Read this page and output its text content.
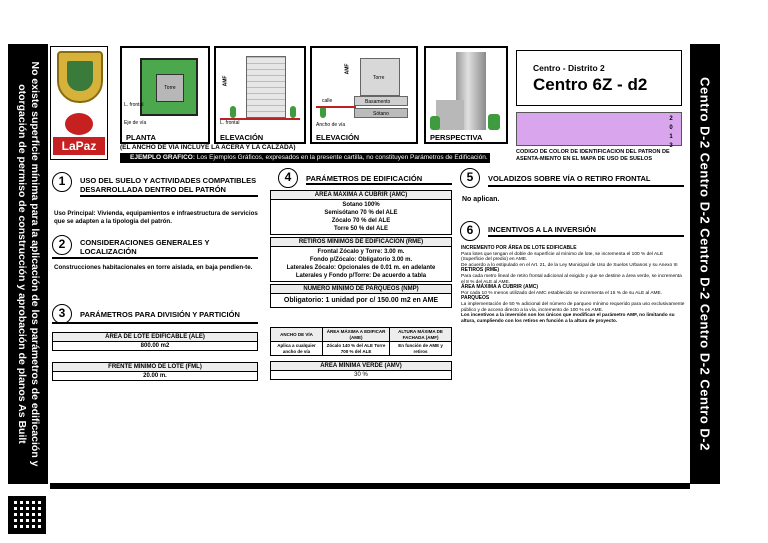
No existe superficie mínima para la aplicación de los parámetros de edificación y otorgación de permiso de construcción y aprobación de planos As Built	Centro D-2 Centro D-2 Centro D-2 Centro D-2 Centro D-2
LaPaz
Torre
L. frontal
Eje de vía
PLANTA
AMF
L. frontal
ELEVACIÓN
Torre
Basamento
Sótano
calle
Ancho de vía
AMF
ELEVACIÓN	PERSPECTIVA
(EL ANCHO DE VIA INCLUYE LA ACERA Y LA CALZADA)
EJEMPLO GRAFICO: Los Ejemplos Gráficos, expresados en la presente cartilla, no constituyen Parámetros de Edificación.
Centro - Distrito 2
Centro 6Z - d2
2
0
1
3
CODIGO DE COLOR DE IDENTIFICACION DEL PATRON DE ASENTA-MIENTO EN EL MAPA DE USO DE SUELOS
1	USO DEL SUELO Y ACTIVIDADES COMPATIBLES DESARROLLADA DENTRO DEL PATRÓN
Uso Principal: Vivienda, equipamientos e infraestructura de servicios que se adapten a la tipología del patrón.
2	CONSIDERACIONES GENERALES Y LOCALIZACIÓN
Construcciones habitacionales en torre aislada, en baja pendien-te.
3	PARÁMETROS PARA DIVISIÓN Y PARTICIÓN
ÁREA DE LOTE EDIFICABLE (ALE)
800.00 m2
FRENTE MÍNIMO DE LOTE (FML)
20.00 m.
4	PARÁMETROS DE EDIFICACIÓN
ÁREA MÁXIMA A CUBRIR (AMC)
Sotano 100%
Semisótano 70 % del ALE
Zócalo 70 % del ALE
Torre 50 % del ALE
RETIROS MÍNIMOS DE EDIFICACIÓN (RME)
Frontal Zócalo y Torre: 3.00 m.
Fondo p/Zócalo: Obligatorio 3.00 m.
Laterales Zócalo: Opcionales de 0.01 m. en adelante
Laterales y Fondo p/Torre: De acuerdo a tabla
NÚMERO MÍNIMO DE PARQUEOS (NMP)
Obligatorio: 1 unidad por c/ 150.00 m2 en AME
ANCHO DE VÍA	ÁREA MÁXIMA A EDIFICAR (AME)	ALTURA MÁXIMA DE FACHADA (AMF)
Aplica a cualquier ancho de vía	Zócalo 140 % del ALE Torre 700 % del ALE	En función de AME y retiros
ÁREA MÍNIMA VERDE (AMV)
30 %
5	VOLADIZOS SOBRE VÍA O RETIRO FRONTAL
No aplican.
6	INCENTIVOS A LA INVERSIÓN
INCREMENTO POR ÁREA DE LOTE EDIFICABLE
Para lotes que tengan el doble de superficie al mínimo de lote, se incrementa el 100 % del ALE (Superficie del predio) en AME.
De acuerdo a lo estipulado en el Art. 21, de la Ley Municipal de Uso de Suelos Urbanos y su Anexo III
RETIROS (RME)
Para cada metro lineal de retiro frontal adicional al exigido y que se destine a área verde, se incrementa el 8 % del ALE al AME.
ÁREA MÁXIMA A CUBRIR (AMC)
Por cada 10 % menos utilizado del AMC establecido se incrementa el 15 % de su ALE al AME.
PARQUEOS
La implementación de 50 % adicional del número de parqueo mínimo requerido para uso exclusivamente público y de acceso directo a la vía, incremento de 100 % en AME.
Los incentivos a la inversión son los únicos que modifican el parámetro AMF, no limitando su altura, cumpliendo con los retiros en función a la altura de proyecto.
